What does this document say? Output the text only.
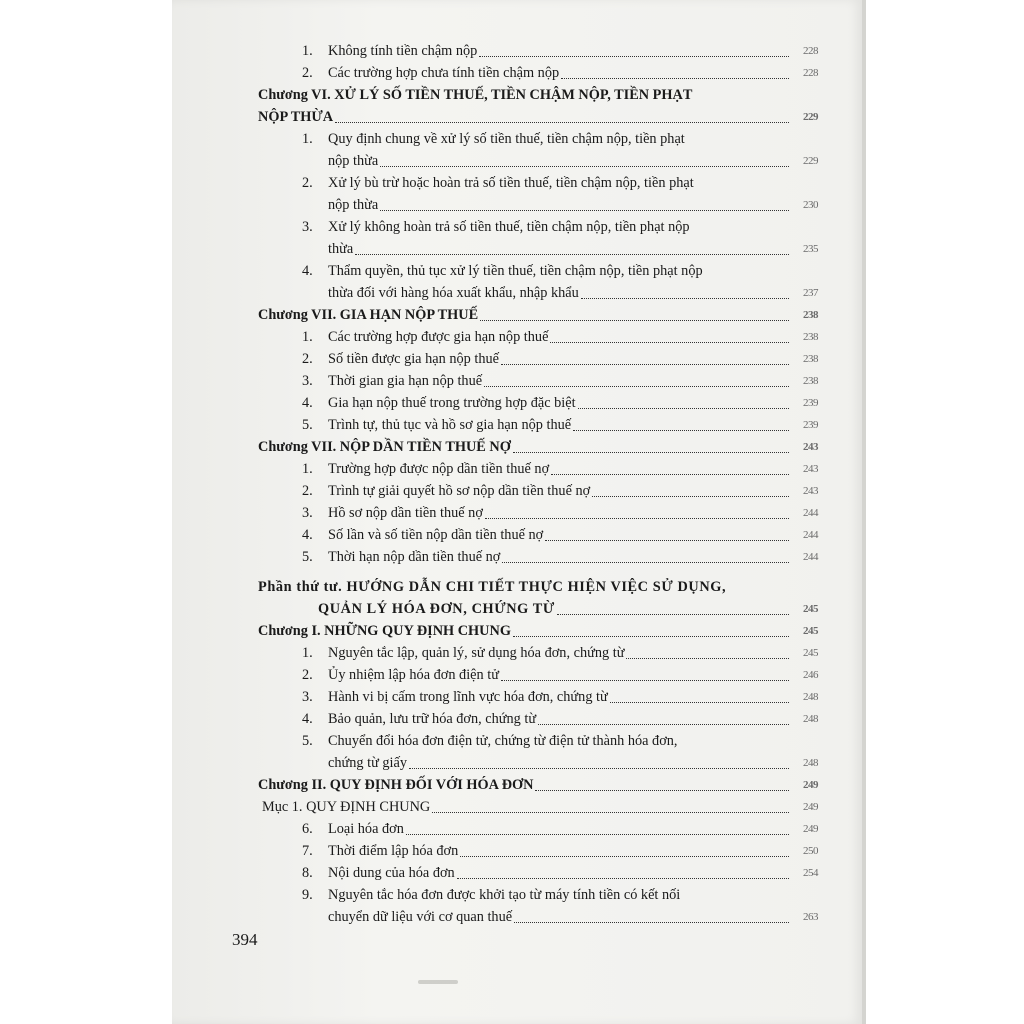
1.	Không tính tiền chậm nộp	228
2.	Các trường hợp chưa tính tiền chậm nộp	228
Chương VI. XỬ LÝ SỐ TIỀN THUẾ, TIỀN CHẬM NỘP, TIỀN PHẠT
NỘP THỪA	229
1.	Quy định chung về xử lý số tiền thuế, tiền chậm nộp, tiền phạt
nộp thừa	229
2.	Xử lý bù trừ hoặc hoàn trả số tiền thuế, tiền chậm nộp, tiền phạt
nộp thừa	230
3.	Xử lý không hoàn trả số tiền thuế, tiền chậm nộp, tiền phạt nộp
thừa	235
4.	Thẩm quyền, thủ tục xử lý tiền thuế, tiền chậm nộp, tiền phạt nộp
thừa đối với hàng hóa xuất khẩu, nhập khẩu	237
Chương VII. GIA HẠN NỘP THUẾ	238
1.	Các trường hợp được gia hạn nộp thuế	238
2.	Số tiền được gia hạn nộp thuế	238
3.	Thời gian gia hạn nộp thuế	238
4.	Gia hạn nộp thuế trong trường hợp đặc biệt	239
5.	Trình tự, thủ tục và hồ sơ gia hạn nộp thuế	239
Chương VII. NỘP DẦN TIỀN THUẾ NỢ	243
1.	Trường hợp được nộp dần tiền thuế nợ	243
2.	Trình tự giải quyết hồ sơ nộp dần tiền thuế nợ	243
3.	Hồ sơ nộp dần tiền thuế nợ	244
4.	Số lần và số tiền nộp dần tiền thuế nợ	244
5.	Thời hạn nộp dần tiền thuế nợ	244
Phần thứ tư. HƯỚNG DẪN CHI TIẾT THỰC HIỆN VIỆC SỬ DỤNG,
QUẢN LÝ HÓA ĐƠN, CHỨNG TỪ	245
Chương I. NHỮNG QUY ĐỊNH CHUNG	245
1.	Nguyên tắc lập, quản lý, sử dụng hóa đơn, chứng từ	245
2.	Ủy nhiệm lập hóa đơn điện tử	246
3.	Hành vi bị cấm trong lĩnh vực hóa đơn, chứng từ	248
4.	Bảo quản, lưu trữ hóa đơn, chứng từ	248
5.	Chuyển đổi hóa đơn điện tử, chứng từ điện tử thành hóa đơn,
chứng từ giấy	248
Chương II. QUY ĐỊNH ĐỐI VỚI HÓA ĐƠN	249
Mục 1. QUY ĐỊNH CHUNG	249
6.	Loại hóa đơn	249
7.	Thời điểm lập hóa đơn	250
8.	Nội dung của hóa đơn	254
9.	Nguyên tắc hóa đơn được khởi tạo từ máy tính tiền có kết nối
chuyển dữ liệu với cơ quan thuế	263
394
